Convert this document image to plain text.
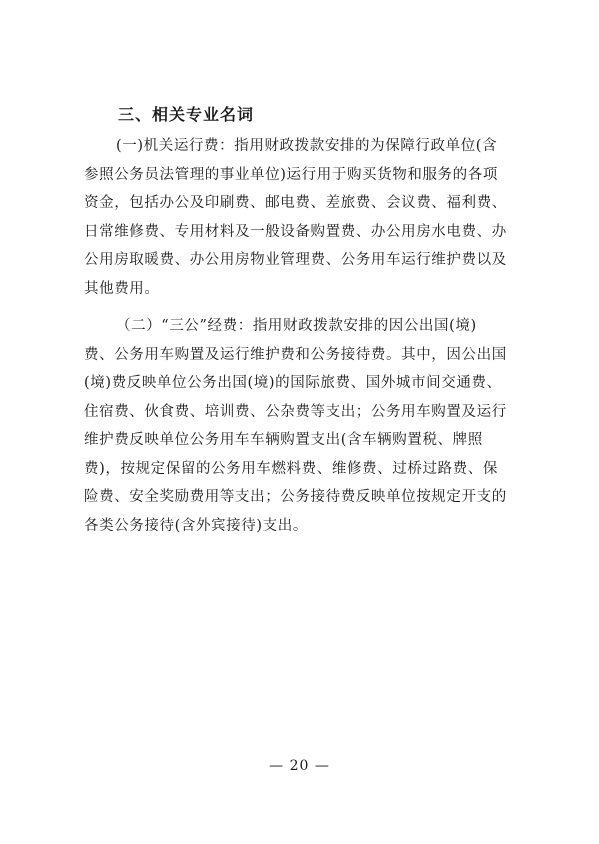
三、相关专业名词
(一)机关运行费：指用财政拨款安排的为保障行政单位(含
参照公务员法管理的事业单位)运行用于购买货物和服务的各项
资金，包括办公及印刷费、邮电费、差旅费、会议费、福利费、
日常维修费、专用材料及一般设备购置费、办公用房水电费、办
公用房取暖费、办公用房物业管理费、公务用车运行维护费以及
其他费用。
（二）“三公”经费：指用财政拨款安排的因公出国(境)
费、公务用车购置及运行维护费和公务接待费。其中，因公出国
(境)费反映单位公务出国(境)的国际旅费、国外城市间交通费、
住宿费、伙食费、培训费、公杂费等支出；公务用车购置及运行
维护费反映单位公务用车车辆购置支出(含车辆购置税、牌照
费)，按规定保留的公务用车燃料费、维修费、过桥过路费、保
险费、安全奖励费用等支出；公务接待费反映单位按规定开支的
各类公务接待(含外宾接待)支出。
— 20 —
